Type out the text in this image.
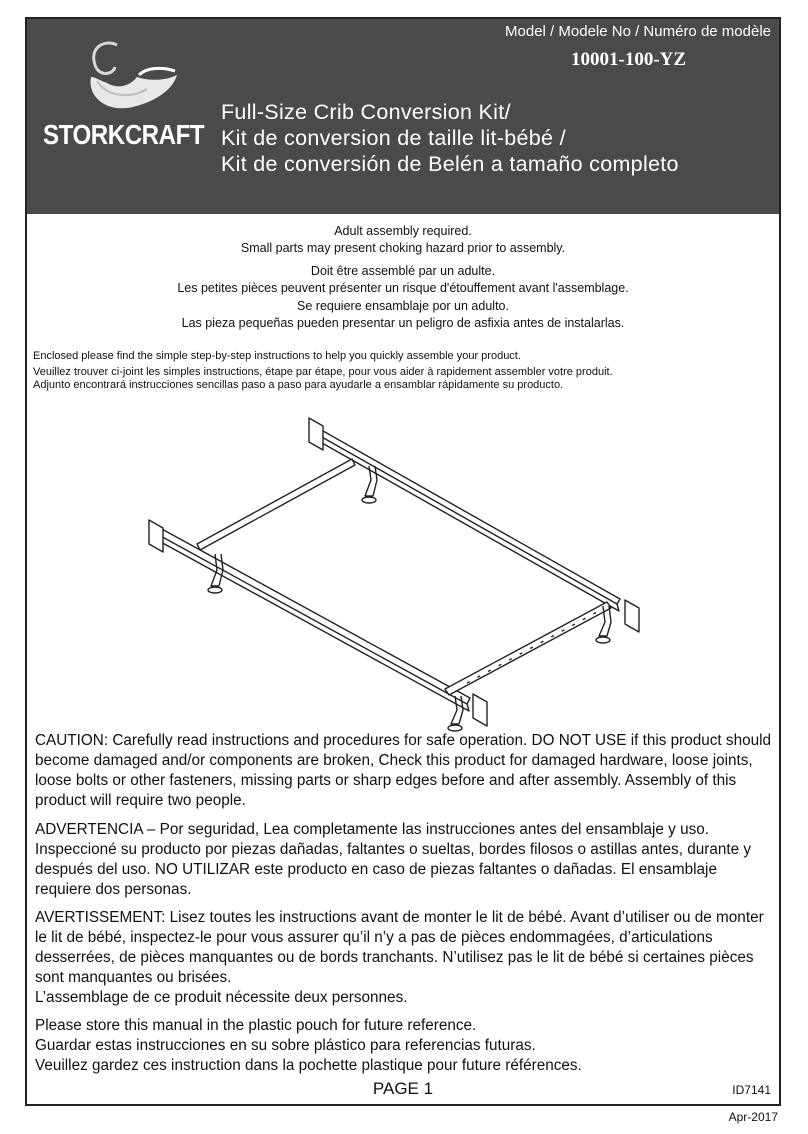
Model / Modele No / Numéro de modèle
10001-100-YZ
STORKCRAFT
Full-Size Crib Conversion Kit/
Kit de conversion de taille lit-bébé /
Kit de conversión de Belén a tamaño completo
Adult assembly required.
Small parts may present choking hazard prior to assembly.
Doit être assemblé par un adulte.
Les petites pièces peuvent présenter un risque d'étouffement avant l'assemblage.
Se requiere ensamblaje por un adulto.
Las pieza pequeñas pueden presentar un peligro de asfixia antes de instalarlas.
Enclosed please find the simple step-by-step instructions to help you quickly assemble your product.
Veuillez trouver ci-joint les simples instructions, étape par étape, pour vous aider à rapidement assembler votre produit.
Adjunto encontrará instrucciones sencillas paso a paso para ayudarle a ensamblar rápidamente su producto.

CAUTION: Carefully read instructions and procedures for safe operation. DO NOT USE if this product should become damaged and/or components are broken, Check this product for damaged hardware, loose joints, loose bolts or other fasteners, missing parts or sharp edges before and after assembly. Assembly of this product will require two people.

ADVERTENCIA – Por seguridad, Lea completamente las instrucciones antes del ensamblaje y uso. Inspeccioné su producto por piezas dañadas, faltantes o sueltas, bordes filosos o astillas antes, durante y después del uso. NO UTILIZAR este producto en caso de piezas faltantes o dañadas. El ensamblaje requiere dos personas.

AVERTISSEMENT: Lisez toutes les instructions avant de monter le lit de bébé. Avant d’utiliser ou de monter le lit de bébé, inspectez-le pour vous assurer qu’il n’y a pas de pièces endommagées, d’articulations desserrées, de pièces manquantes ou de bords tranchants. N’utilisez pas le lit de bébé si certaines pièces sont manquantes ou brisées.

L’assemblage de ce produit nécessite deux personnes.

Please store this manual in the plastic pouch for future reference.

Guardar estas instrucciones en su sobre plástico para referencias futuras.

Veuillez gardez ces instruction dans la pochette plastique pour future références.

PAGE 1	ID7141
Apr-2017
